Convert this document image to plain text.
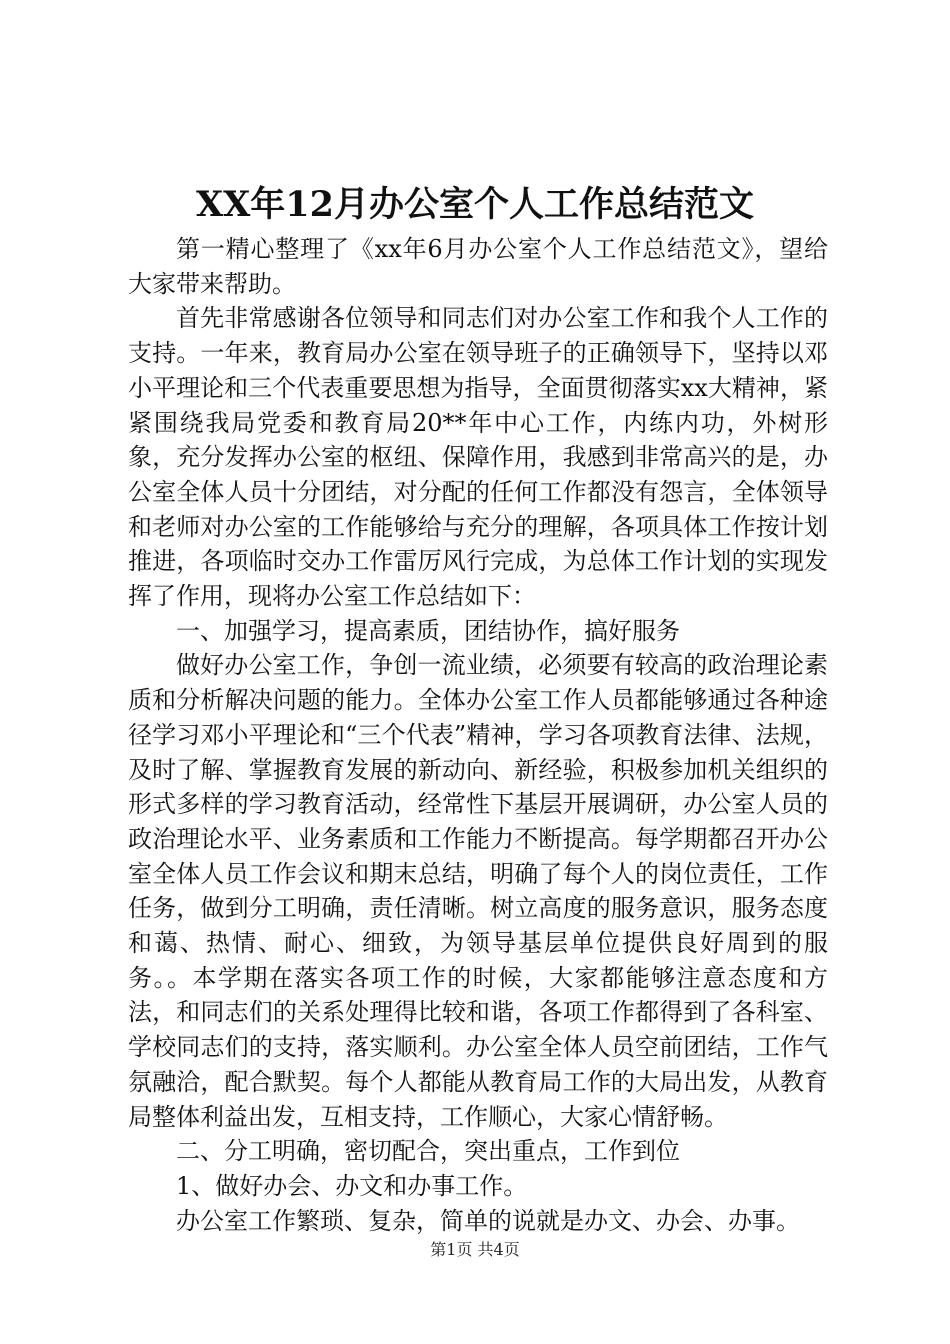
XX年12月办公室个人工作总结范文

第一精心整理了《xx年6月办公室个人工作总结范文》，望给大家带来帮助。

首先非常感谢各位领导和同志们对办公室工作和我个人工作的支持。一年来，教育局办公室在领导班子的正确领导下，坚持以邓小平理论和三个代表重要思想为指导，全面贯彻落实xx大精神，紧紧围绕我局党委和教育局20**年中心工作，内练内功，外树形象，充分发挥办公室的枢纽、保障作用，我感到非常高兴的是，办公室全体人员十分团结，对分配的任何工作都没有怨言，全体领导和老师对办公室的工作能够给与充分的理解，各项具体工作按计划推进，各项临时交办工作雷厉风行完成，为总体工作计划的实现发挥了作用，现将办公室工作总结如下：

一、加强学习，提高素质，团结协作，搞好服务

做好办公室工作，争创一流业绩，必须要有较高的政治理论素质和分析解决问题的能力。全体办公室工作人员都能够通过各种途径学习邓小平理论和“三个代表”精神，学习各项教育法律、法规，及时了解、掌握教育发展的新动向、新经验，积极参加机关组织的形式多样的学习教育活动，经常性下基层开展调研，办公室人员的政治理论水平、业务素质和工作能力不断提高。每学期都召开办公室全体人员工作会议和期末总结，明确了每个人的岗位责任，工作任务，做到分工明确，责任清晰。树立高度的服务意识，服务态度和蔼、热情、耐心、细致，为领导基层单位提供良好周到的服务。。本学期在落实各项工作的时候，大家都能够注意态度和方法，和同志们的关系处理得比较和谐，各项工作都得到了各科室、学校同志们的支持，落实顺利。办公室全体人员空前团结，工作气氛融洽，配合默契。每个人都能从教育局工作的大局出发，从教育局整体利益出发，互相支持，工作顺心，大家心情舒畅。

二、分工明确，密切配合，突出重点，工作到位

1、做好办会、办文和办事工作。

办公室工作繁琐、复杂，简单的说就是办文、办会、办事。

第1页 共4页
